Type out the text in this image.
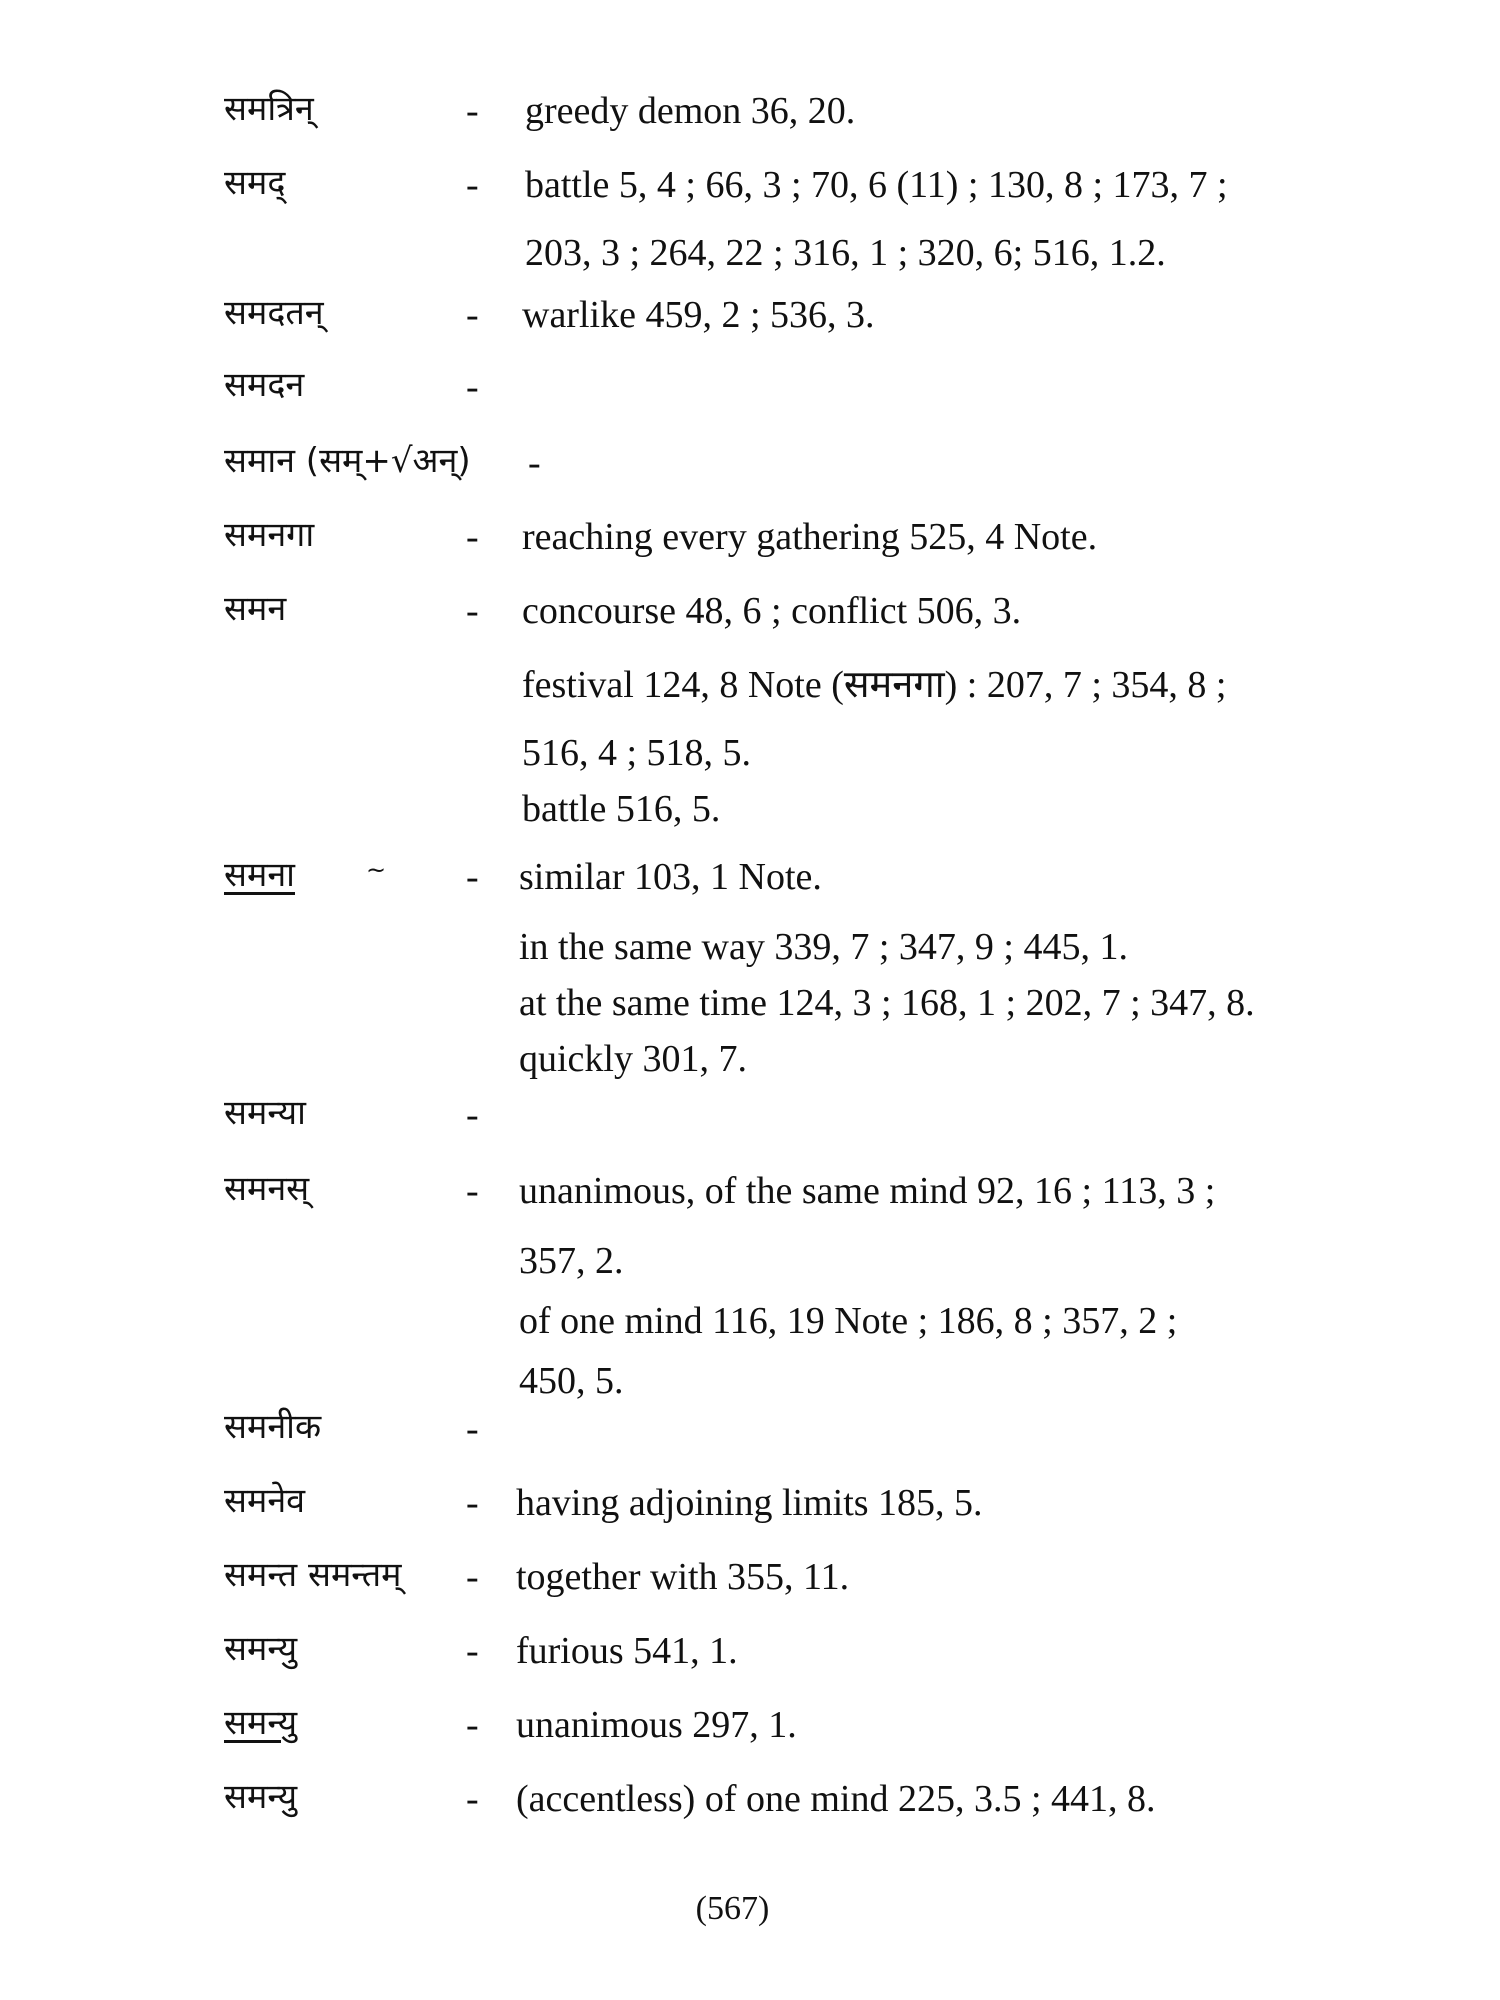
समत्रिन्	- greedy demon 36, 20.
समद्	- battle 5, 4 ; 66, 3 ; 70, 6 (11) ; 130, 8 ; 173, 7 ;
203, 3 ; 264, 22 ; 316, 1 ; 320, 6; 516, 1.2.
समदतन्	- warlike 459, 2 ; 536, 3.
समदन	-
समान (सम्+√अन्) -
समनगा	- reaching every gathering 525, 4 Note.
समन	- concourse 48, 6 ; conflict 506, 3.
festival 124, 8 Note (समनगा) : 207, 7 ; 354, 8 ;
516, 4 ; 518, 5.
battle 516, 5.
समना	~ - similar 103, 1 Note.
in the same way 339, 7 ; 347, 9 ; 445, 1.
at the same time 124, 3 ; 168, 1 ; 202, 7 ; 347, 8.
quickly 301, 7.
समन्या	-
समनस्	- unanimous, of the same mind 92, 16 ; 113, 3 ;
357, 2.
of one mind 116, 19 Note ; 186, 8 ; 357, 2 ;
450, 5.
समनीक	-
समनेव	- having adjoining limits 185, 5.
समन्त समन्तम् - together with 355, 11.
समन्यु	- furious 541, 1.
समन्यु	- unanimous 297, 1.
समन्यु	- (accentless) of one mind 225, 3.5 ; 441, 8.
(567)
